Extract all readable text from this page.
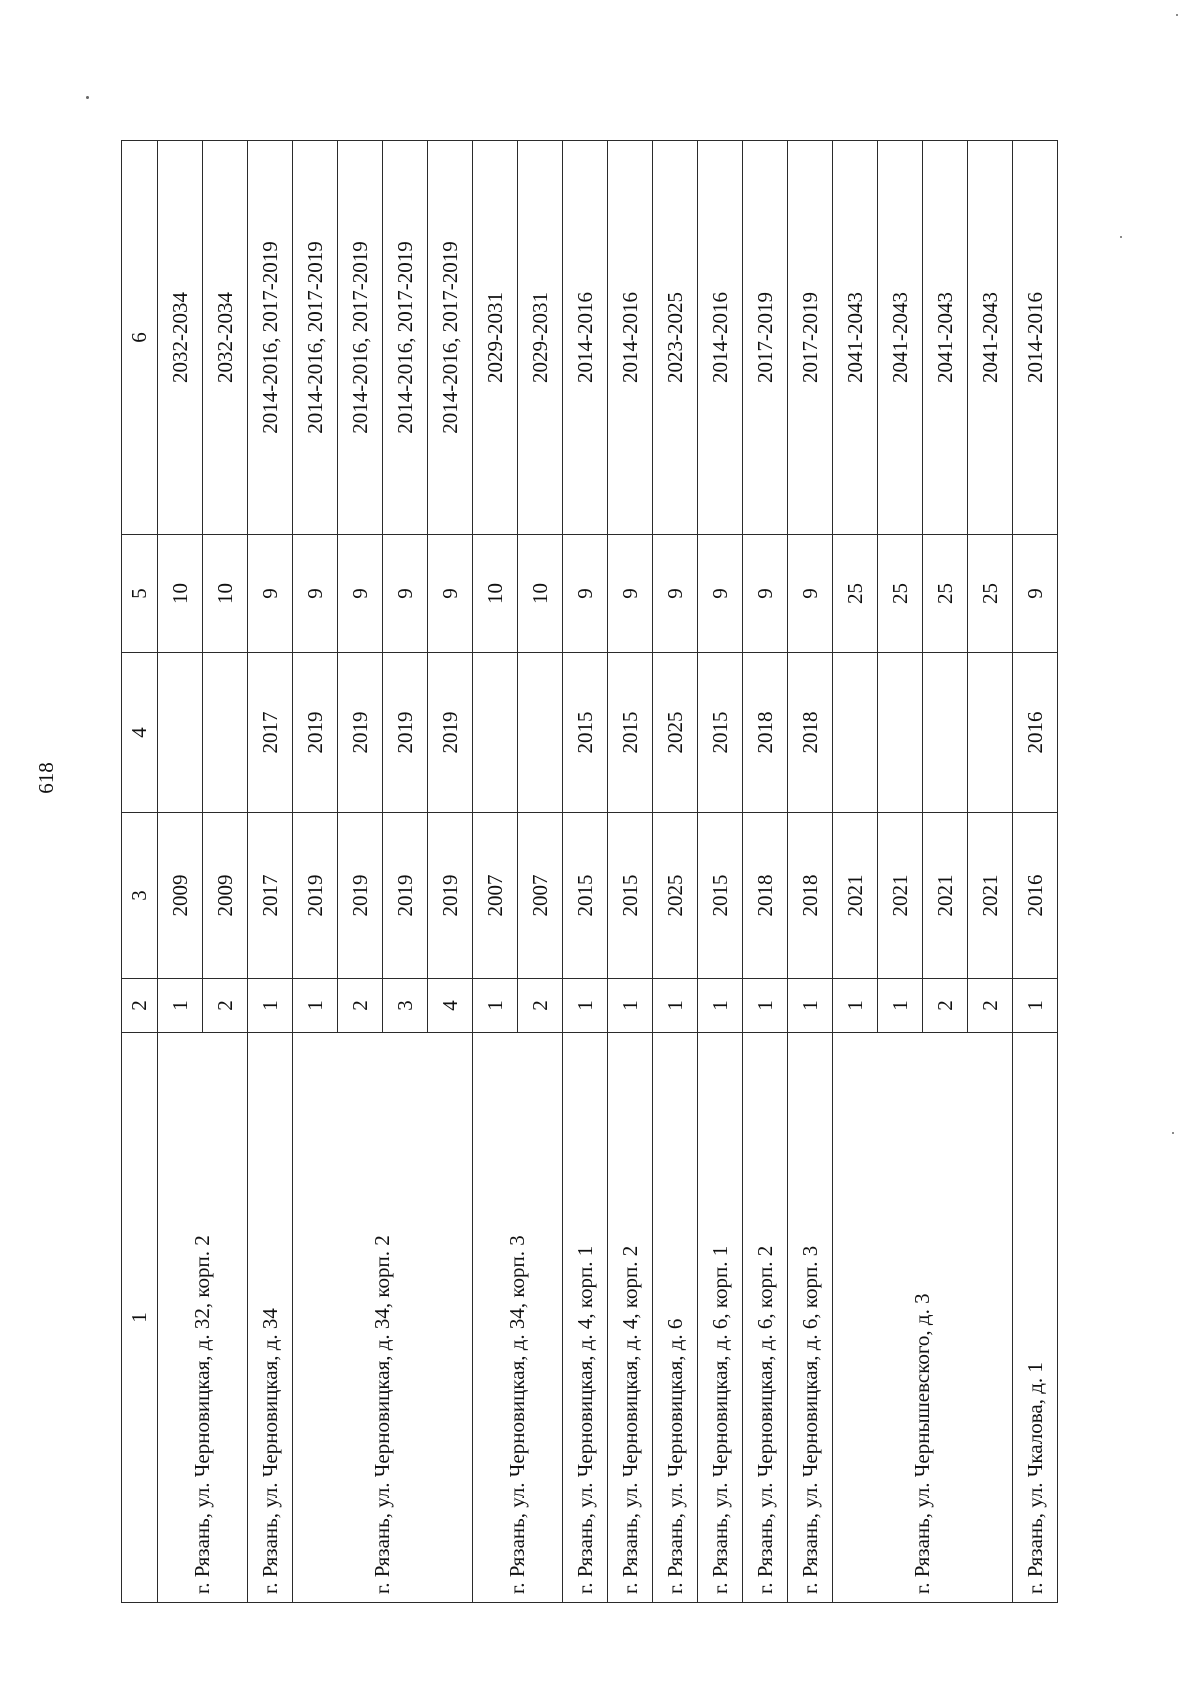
618
1	2	3	4	5	6
г. Рязань, ул. Черновицкая, д. 32, корп. 2	1	2009		10	2032-2034
	2	2009		10	2032-2034
г. Рязань, ул. Черновицкая, д. 34	1	2017	2017	9	2014-2016, 2017-2019
г. Рязань, ул. Черновицкая, д. 34, корп. 2	1	2019	2019	9	2014-2016, 2017-2019
	2	2019	2019	9	2014-2016, 2017-2019
	3	2019	2019	9	2014-2016, 2017-2019
	4	2019	2019	9	2014-2016, 2017-2019
г. Рязань, ул. Черновицкая, д. 34, корп. 3	1	2007		10	2029-2031
	2	2007		10	2029-2031
г. Рязань, ул. Черновицкая, д. 4, корп. 1	1	2015	2015	9	2014-2016
г. Рязань, ул. Черновицкая, д. 4, корп. 2	1	2015	2015	9	2014-2016
г. Рязань, ул. Черновицкая, д. 6	1	2025	2025	9	2023-2025
г. Рязань, ул. Черновицкая, д. 6, корп. 1	1	2015	2015	9	2014-2016
г. Рязань, ул. Черновицкая, д. 6, корп. 2	1	2018	2018	9	2017-2019
г. Рязань, ул. Черновицкая, д. 6, корп. 3	1	2018	2018	9	2017-2019
г. Рязань, ул. Чернышевского, д. 3	1	2021		25	2041-2043
	1	2021		25	2041-2043
	2	2021		25	2041-2043
	2	2021		25	2041-2043
г. Рязань, ул. Чкалова, д. 1	1	2016	2016	9	2014-2016
